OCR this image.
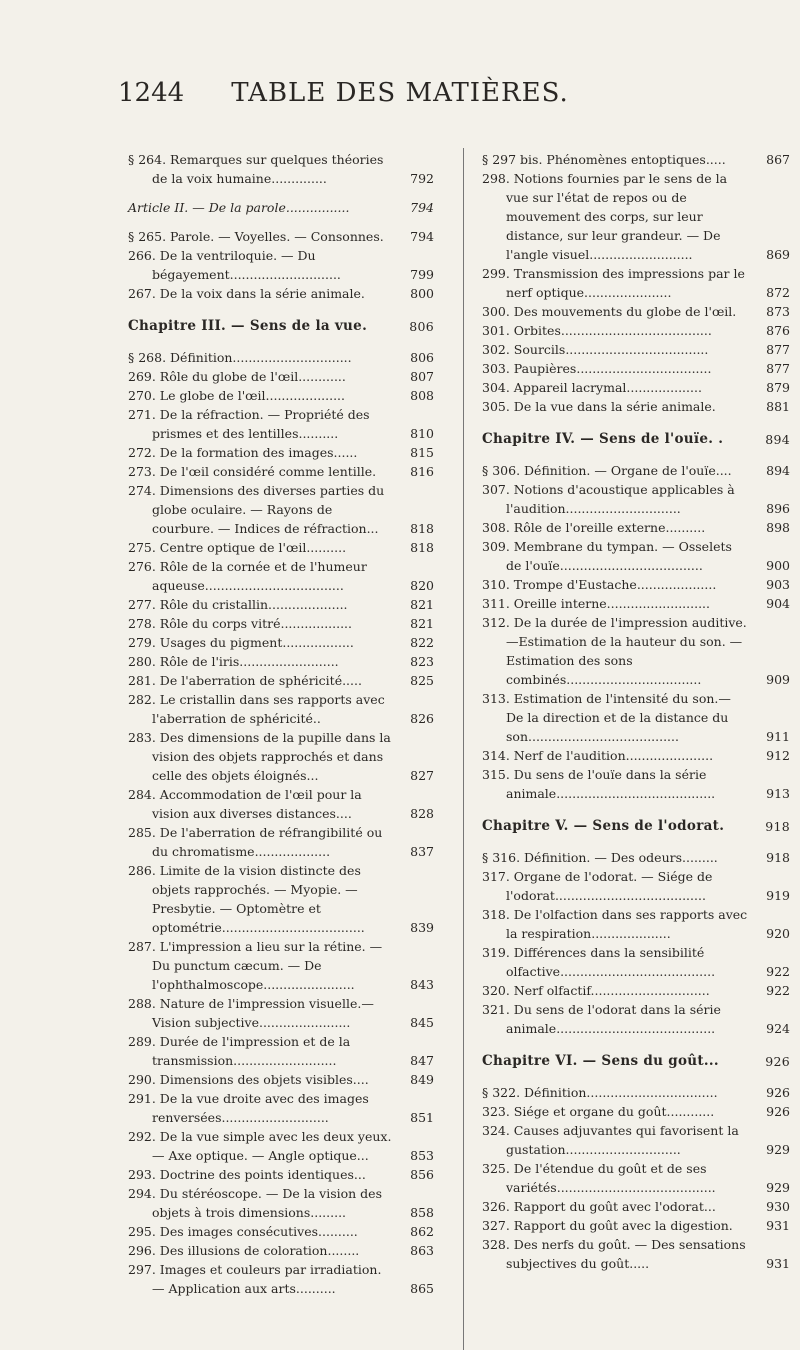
1244	TABLE DES MATIÈRES.
§ 264. Remarques sur quelques théories de la voix humaine..............	792
Article II. — De la parole................	794
§ 265. Parole. — Voyelles. — Consonnes.	794
266. De la ventriloquie. — Du bégayement............................	799
267. De la voix dans la série animale.	800
Chapitre III. — Sens de la vue.	806
§ 268. Définition..............................	806
269. Rôle du globe de l'œil............	807
270. Le globe de l'œil....................	808
271. De la réfraction. — Propriété des prismes et des lentilles..........	810
272. De la formation des images......	815
273. De l'œil considéré comme lentille.	816
274. Dimensions des diverses parties du globe oculaire. — Rayons de courbure. — Indices de réfraction...	818
275. Centre optique de l'œil..........	818
276. Rôle de la cornée et de l'humeur aqueuse...................................	820
277. Rôle du cristallin....................	821
278. Rôle du corps vitré..................	821
279. Usages du pigment..................	822
280. Rôle de l'iris.........................	823
281. De l'aberration de sphéricité.....	825
282. Le cristallin dans ses rapports avec l'aberration de sphéricité..	826
283. Des dimensions de la pupille dans la vision des objets rapprochés et dans celle des objets éloignés...	827
284. Accommodation de l'œil pour la vision aux diverses distances....	828
285. De l'aberration de réfrangibilité ou du chromatisme...................	837
286. Limite de la vision distincte des objets rapprochés. — Myopie. — Presbytie. — Optomètre et optométrie....................................	839
287. L'impression a lieu sur la rétine. — Du punctum cæcum. — De l'ophthalmoscope.......................	843
288. Nature de l'impression visuelle.— Vision subjective.......................	845
289. Durée de l'impression et de la transmission..........................	847
290. Dimensions des objets visibles....	849
291. De la vue droite avec des images renversées...........................	851
292. De la vue simple avec les deux yeux. — Axe optique. — Angle optique...	853
293. Doctrine des points identiques...	856
294. Du stéréoscope. — De la vision des objets à trois dimensions.........	858
295. Des images consécutives..........	862
296. Des illusions de coloration........	863
297. Images et couleurs par irradiation. — Application aux arts..........	865
§ 297 bis. Phénomènes entoptiques.....	867
298. Notions fournies par le sens de la vue sur l'état de repos ou de mouvement des corps, sur leur distance, sur leur grandeur. — De l'angle visuel..........................	869
299. Transmission des impressions par le nerf optique......................	872
300. Des mouvements du globe de l'œil.	873
301. Orbites......................................	876
302. Sourcils....................................	877
303. Paupières..................................	877
304. Appareil lacrymal...................	879
305. De la vue dans la série animale.	881
Chapitre IV. — Sens de l'ouïe. .	894
§ 306. Définition. — Organe de l'ouïe....	894
307. Notions d'acoustique applicables à l'audition.............................	896
308. Rôle de l'oreille externe..........	898
309. Membrane du tympan. — Osselets de l'ouïe....................................	900
310. Trompe d'Eustache....................	903
311. Oreille interne..........................	904
312. De la durée de l'impression auditive.—Estimation de la hauteur du son. — Estimation des sons combinés..................................	909
313. Estimation de l'intensité du son.— De la direction et de la distance du son......................................	911
314. Nerf de l'audition......................	912
315. Du sens de l'ouïe dans la série animale........................................	913
Chapitre V. — Sens de l'odorat.	918
§ 316. Définition. — Des odeurs.........	918
317. Organe de l'odorat. — Siége de l'odorat......................................	919
318. De l'olfaction dans ses rapports avec la respiration....................	920
319. Différences dans la sensibilité olfactive.......................................	922
320. Nerf olfactif..............................	922
321. Du sens de l'odorat dans la série animale........................................	924
Chapitre VI. — Sens du goût...	926
§ 322. Définition.................................	926
323. Siége et organe du goût............	926
324. Causes adjuvantes qui favorisent la gustation.............................	929
325. De l'étendue du goût et de ses variétés........................................	929
326. Rapport du goût avec l'odorat...	930
327. Rapport du goût avec la digestion.	931
328. Des nerfs du goût. — Des sensations subjectives du goût.....	931
